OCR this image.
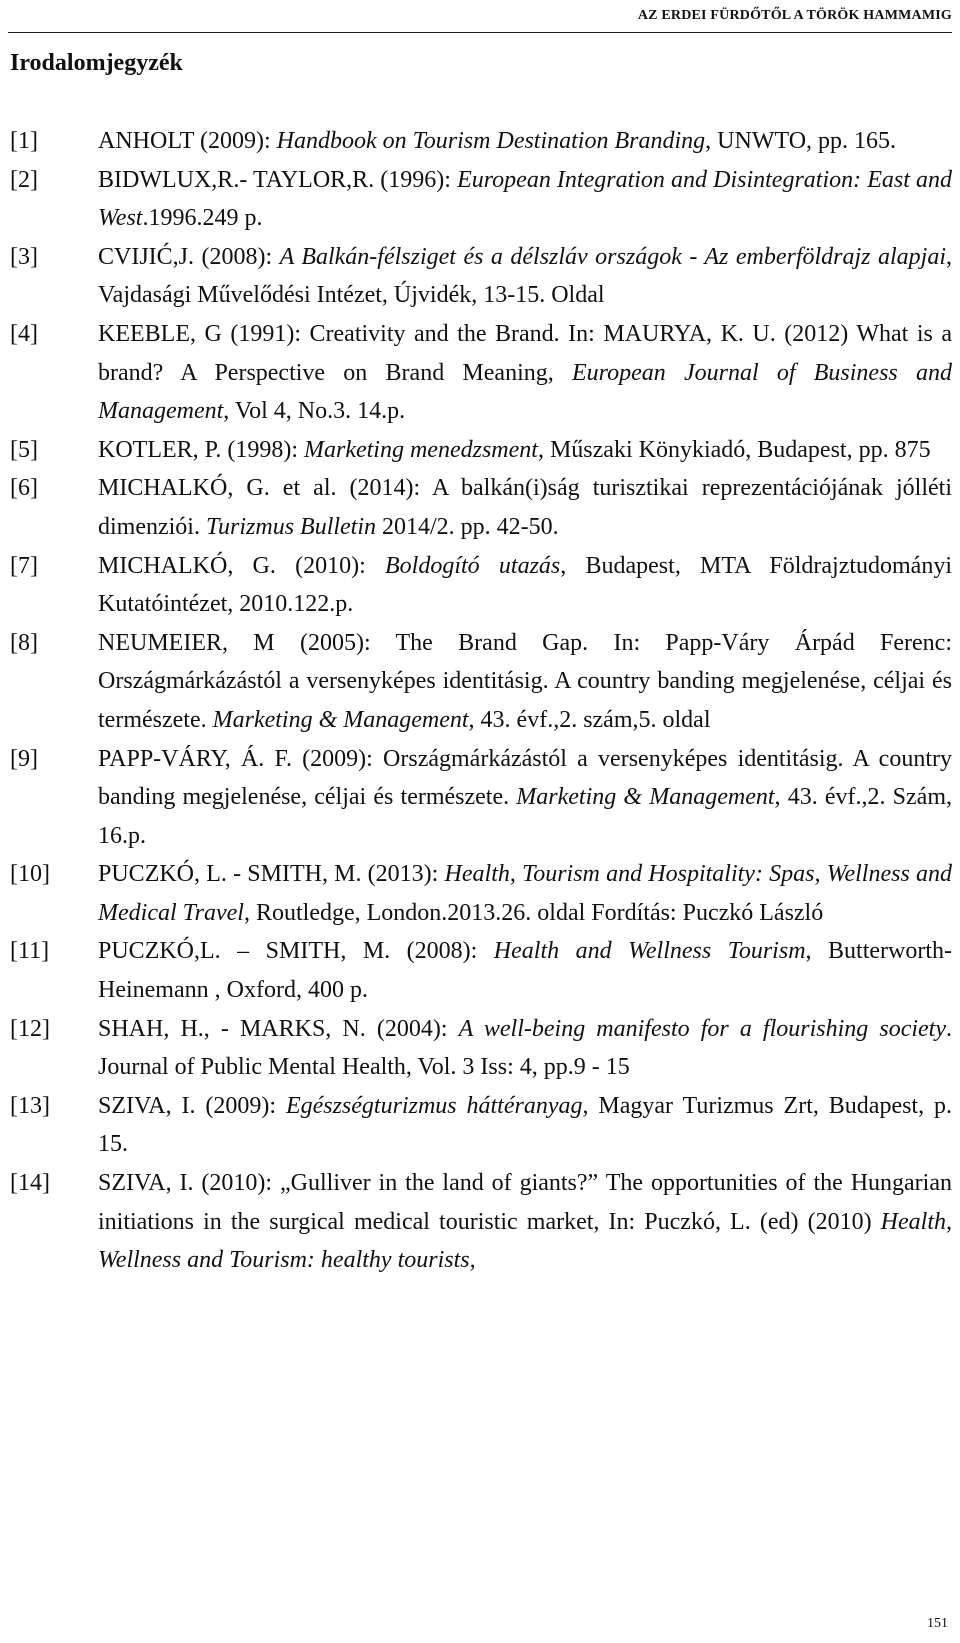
AZ ERDEI FÜRDŐTŐL A TÖRÖK HAMMAMIG
Irodalomjegyzék
[1]	ANHOLT (2009): Handbook on Tourism Destination Branding, UNWTO, pp. 165.
[2]	BIDWLUX,R.- TAYLOR,R. (1996): European Integration and Disintegration: East and West.1996.249 p.
[3]	CVIJIĆ,J. (2008): A Balkán-félsziget és a délszláv országok - Az emberföldrajz alapjai, Vajdasági Művelődési Intézet, Újvidék, 13-15. Oldal
[4]	KEEBLE, G (1991): Creativity and the Brand. In: MAURYA, K. U. (2012) What is a brand? A Perspective on Brand Meaning, European Journal of Business and Management, Vol 4, No.3. 14.p.
[5]	KOTLER, P. (1998): Marketing menedzsment, Műszaki Könykiadó, Budapest, pp. 875
[6]	MICHALKÓ, G. et al. (2014): A balkán(i)ság turisztikai reprezentációjának jólléti dimenziói. Turizmus Bulletin 2014/2. pp. 42-50.
[7]	MICHALKÓ, G. (2010): Boldogító utazás, Budapest, MTA Földrajztudományi Kutatóintézet, 2010.122.p.
[8]	NEUMEIER, M (2005): The Brand Gap. In: Papp-Váry Árpád Ferenc: Országmárkázástól a versenyképes identitásig. A country banding megjelenése, céljai és természete. Marketing & Management, 43. évf.,2. szám,5. oldal
[9]	PAPP-VÁRY, Á. F. (2009): Országmárkázástól a versenyképes identitásig. A country banding megjelenése, céljai és természete. Marketing & Management, 43. évf.,2. Szám, 16.p.
[10]	PUCZKÓ, L. - SMITH, M. (2013): Health, Tourism and Hospitality: Spas, Wellness and Medical Travel, Routledge, London.2013.26. oldal Fordítás: Puczkó László
[11]	PUCZKÓ,L. – SMITH, M. (2008): Health and Wellness Tourism, Butterworth-Heinemann , Oxford, 400 p.
[12]	SHAH, H., - MARKS, N. (2004): A well-being manifesto for a flourishing society. Journal of Public Mental Health, Vol. 3 Iss: 4, pp.9 - 15
[13]	SZIVA, I. (2009): Egészségturizmus háttéranyag, Magyar Turizmus Zrt, Budapest, p. 15.
[14]	SZIVA, I. (2010): „Gulliver in the land of giants?” The opportunities of the Hungarian initiations in the surgical medical touristic market, In: Puczkó, L. (ed) (2010) Health, Wellness and Tourism: healthy tourists,
151
